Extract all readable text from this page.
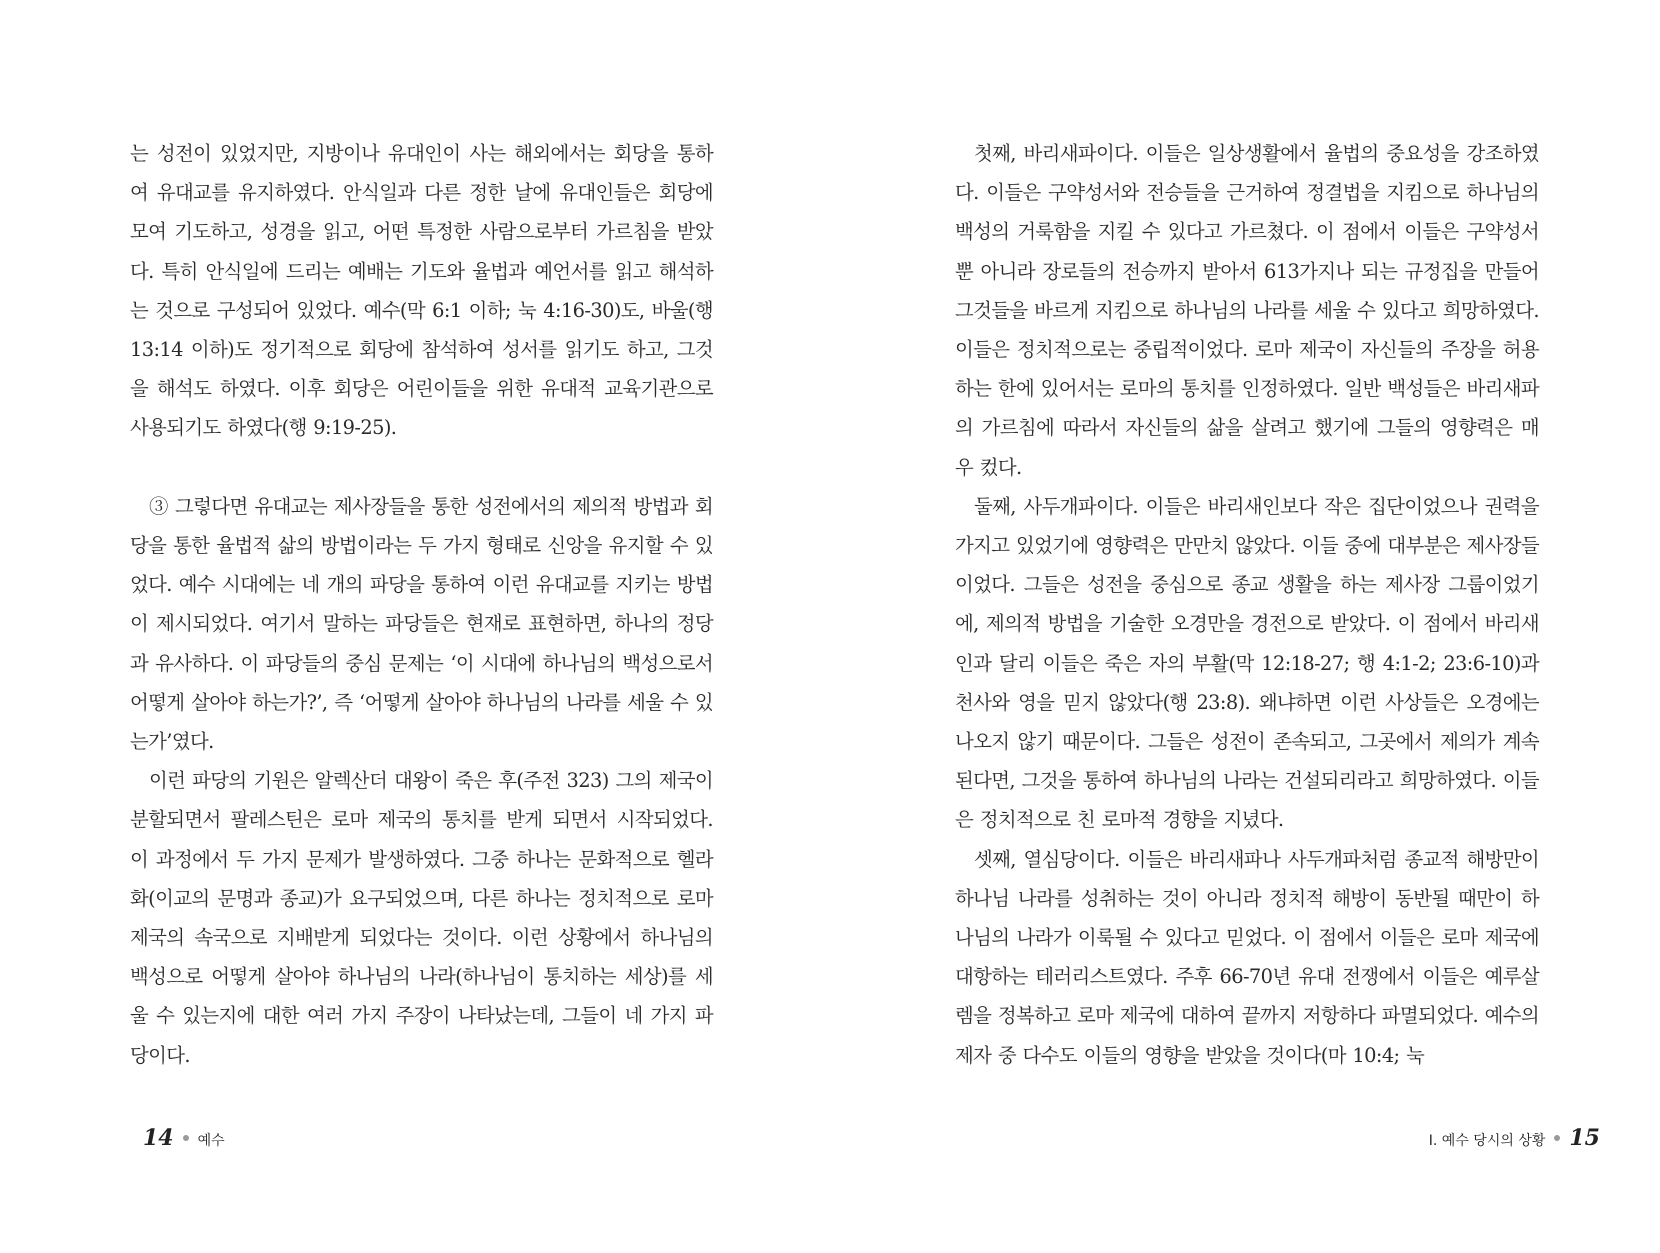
는 성전이 있었지만, 지방이나 유대인이 사는 해외에서는 회당을 통하여 유대교를 유지하였다. 안식일과 다른 정한 날에 유대인들은 회당에 모여 기도하고, 성경을 읽고, 어떤 특정한 사람으로부터 가르침을 받았다. 특히 안식일에 드리는 예배는 기도와 율법과 예언서를 읽고 해석하는 것으로 구성되어 있었다. 예수(막 6:1 이하; 눅 4:16-30)도, 바울(행 13:14 이하)도 정기적으로 회당에 참석하여 성서를 읽기도 하고, 그것을 해석도 하였다. 이후 회당은 어린이들을 위한 유대적 교육기관으로 사용되기도 하였다(행 9:19-25).

③ 그렇다면 유대교는 제사장들을 통한 성전에서의 제의적 방법과 회당을 통한 율법적 삶의 방법이라는 두 가지 형태로 신앙을 유지할 수 있었다. 예수 시대에는 네 개의 파당을 통하여 이런 유대교를 지키는 방법이 제시되었다. 여기서 말하는 파당들은 현재로 표현하면, 하나의 정당과 유사하다. 이 파당들의 중심 문제는 ‘이 시대에 하나님의 백성으로서 어떻게 살아야 하는가?’, 즉 ‘어떻게 살아야 하나님의 나라를 세울 수 있는가’였다.

이런 파당의 기원은 알렉산더 대왕이 죽은 후(주전 323) 그의 제국이 분할되면서 팔레스틴은 로마 제국의 통치를 받게 되면서 시작되었다. 이 과정에서 두 가지 문제가 발생하였다. 그중 하나는 문화적으로 헬라화(이교의 문명과 종교)가 요구되었으며, 다른 하나는 정치적으로 로마 제국의 속국으로 지배받게 되었다는 것이다. 이런 상황에서 하나님의 백성으로 어떻게 살아야 하나님의 나라(하나님이 통치하는 세상)를 세울 수 있는지에 대한 여러 가지 주장이 나타났는데, 그들이 네 가지 파당이다.

14 예수

첫째, 바리새파이다. 이들은 일상생활에서 율법의 중요성을 강조하였다. 이들은 구약성서와 전승들을 근거하여 정결법을 지킴으로 하나님의 백성의 거룩함을 지킬 수 있다고 가르쳤다. 이 점에서 이들은 구약성서뿐 아니라 장로들의 전승까지 받아서 613가지나 되는 규정집을 만들어 그것들을 바르게 지킴으로 하나님의 나라를 세울 수 있다고 희망하였다. 이들은 정치적으로는 중립적이었다. 로마 제국이 자신들의 주장을 허용하는 한에 있어서는 로마의 통치를 인정하였다. 일반 백성들은 바리새파의 가르침에 따라서 자신들의 삶을 살려고 했기에 그들의 영향력은 매우 컸다.

둘째, 사두개파이다. 이들은 바리새인보다 작은 집단이었으나 권력을 가지고 있었기에 영향력은 만만치 않았다. 이들 중에 대부분은 제사장들이었다. 그들은 성전을 중심으로 종교 생활을 하는 제사장 그룹이었기에, 제의적 방법을 기술한 오경만을 경전으로 받았다. 이 점에서 바리새인과 달리 이들은 죽은 자의 부활(막 12:18-27; 행 4:1-2; 23:6-10)과 천사와 영을 믿지 않았다(행 23:8). 왜냐하면 이런 사상들은 오경에는 나오지 않기 때문이다. 그들은 성전이 존속되고, 그곳에서 제의가 계속된다면, 그것을 통하여 하나님의 나라는 건설되리라고 희망하였다. 이들은 정치적으로 친 로마적 경향을 지녔다.

셋째, 열심당이다. 이들은 바리새파나 사두개파처럼 종교적 해방만이 하나님 나라를 성취하는 것이 아니라 정치적 해방이 동반될 때만이 하나님의 나라가 이룩될 수 있다고 믿었다. 이 점에서 이들은 로마 제국에 대항하는 테러리스트였다. 주후 66-70년 유대 전쟁에서 이들은 예루살렘을 정복하고 로마 제국에 대하여 끝까지 저항하다 파멸되었다. 예수의 제자 중 다수도 이들의 영향을 받았을 것이다(마 10:4; 눅

I. 예수 당시의 상황 15
